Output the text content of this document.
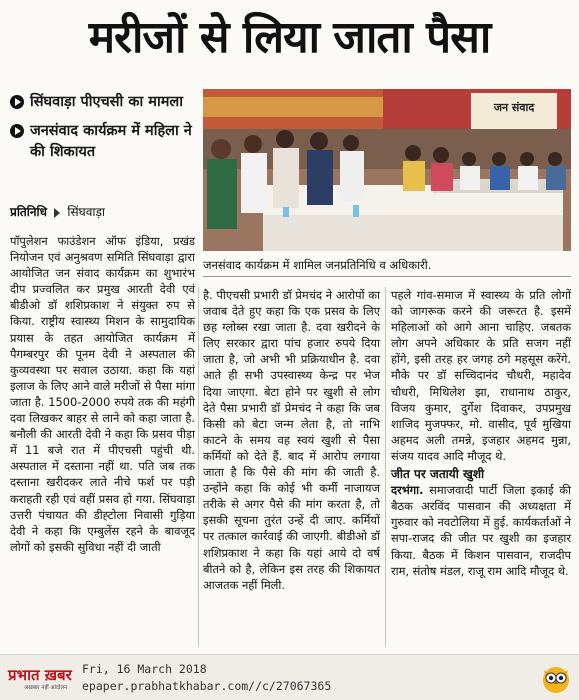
मरीजों से लिया जाता पैसा
सिंघवाड़ा पीएचसी का मामला
जनसंवाद कार्यक्रम में महिला ने की शिकायत
प्रतिनिधि सिंघवाड़ा
जन संवाद
जनसंवाद कार्यक्रम में शामिल जनप्रतिनिधि व अधिकारी.

पॉपुलेशन फाउंडेशन ऑफ इंडिया, प्रखंड नियोजन एवं अनुश्रवण समिति सिंघवाड़ा द्वारा आयोजित जन संवाद कार्यक्रम का शुभारंभ दीप प्रज्वलित कर प्रमुख आरती देवी एवं बीडीओ डॉ शशिप्रकाश ने संयुक्त रुप से किया. राष्ट्रीय स्वास्थ्य मिशन के सामुदायिक प्रयास के तहत आयोजित कार्यक्रम में पैगम्बरपुर की पूनम देवी ने अस्पताल की कुव्यवस्था पर सवाल उठाया. कहा कि यहां इलाज के लिए आने वाले मरीजों से पैसा मांगा जाता है. 1500-2000 रुपये तक की महंगी दवा लिखकर बाहर से लाने को कहा जाता है. बनौली की आरती देवी ने कहा कि प्रसव पीड़ा में 11 बजे रात में पीएचसी पहुंची थी. अस्पताल में दस्ताना नहीं था. पति जब तक दस्ताना खरीदकर लाते नीचे फर्श पर पड़ी कराहती रही एवं वहीं प्रसव हो गया. सिंघवाड़ा उत्तरी पंचायत की डीह्टोला निवासी गुड़िया देवी ने कहा कि एम्बुलेंस रहने के बावजूद लोगों को इसकी सुविधा नहीं दी जाती

है. पीएचसी प्रभारी डॉ प्रेमचंद ने आरोपों का जवाब देते हुए कहा कि एक प्रसव के लिए छह ग्लोब्स रखा जाता है. दवा खरीदने के लिए सरकार द्वारा पांच हजार रुपये दिया जाता है, जो अभी भी प्रक्रियाधीन है. दवा आते ही सभी उपस्वास्थ्य केन्द्र पर भेज दिया जाएगा. बेटा होने पर खुशी से लोग देते पैसा प्रभारी डॉ प्रेमचंद ने कहा कि जब किसी को बेटा जन्म लेता है, तो नाभि काटने के समय वह स्वयं खुशी से पैसा कर्मियों को देते हैं. बाद में आरोप लगाया जाता है कि पैसे की मांग की जाती है. उन्होंने कहा कि कोई भी कर्मी नाजायज तरीके से अगर पैसे की मांग करता है, तो इसकी सूचना तुरंत उन्हें दी जाए. कर्मियों पर तत्काल कार्रवाई की जाएगी. बीडीओ डॉ शशिप्रकाश ने कहा कि यहां आये दो वर्ष बीतने को है, लेकिन इस तरह की शिकायत आजतक नहीं मिली.

पहले गांव-समाज में स्वास्थ्य के प्रति लोगों को जागरूक करने की जरूरत है. इसमें महिलाओं को आगे आना चाहिए. जबतक लोग अपने अधिकार के प्रति सजग नहीं होंगे, इसी तरह हर जगह ठगे महसूस करेंगे. मौके पर डॉ सच्चिदानंद चौधरी, महादेव चौधरी, मिथिलेश झा, राधानाथ ठाकुर, विजय कुमार, दुर्गेश दिवाकर, उपप्रमुख शाजिद मुजफ्फर, मो. वासीद, पूर्व मुखिया अहमद अली तमन्ने, इजहार अहमद मुन्ना, संजय यादव आदि मौजूद थे.

जीत पर जतायी खुशी

दरभंगा. समाजवादी पार्टी जिला इकाई की बैठक अरविंद पासवान की अध्यक्षता में गुरुवार को नवटोलिया में हुई. कार्यकर्ताओं ने सपा-राजद की जीत पर खुशी का इजहार किया. बैठक में किशन पासवान, राजदीप राम, संतोष मंडल, राजू राम आदि मौजूद थे.

प्रभात ख़बर
अखबार नहीं आंदोलन
Fri, 16 March 2018
epaper.prabhatkhabar.com//c/27067365
